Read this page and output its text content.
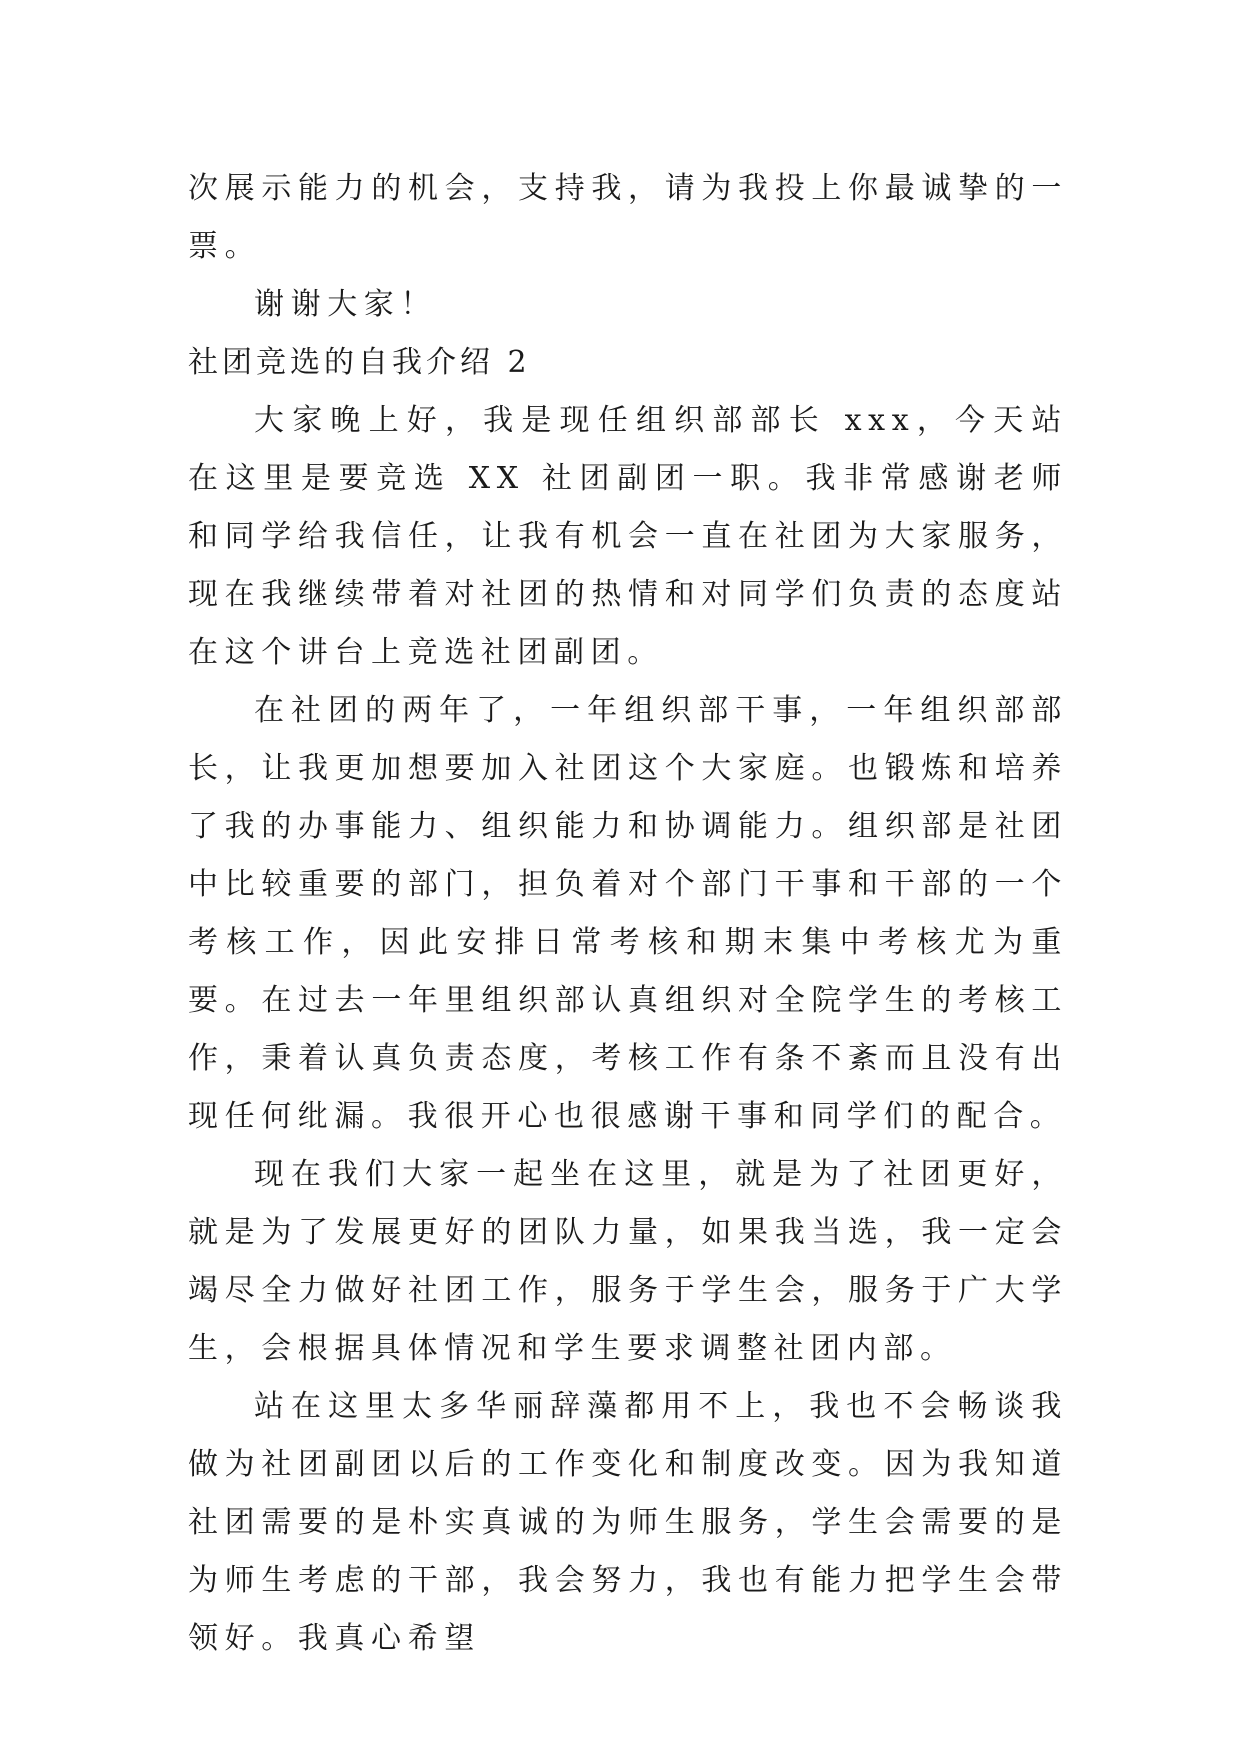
次展示能力的机会，支持我，请为我投上你最诚挚的一票。

谢谢大家！

社团竞选的自我介绍 2

大家晚上好，我是现任组织部部长 xxx，今天站在这里是要竞选 XX 社团副团一职。我非常感谢老师和同学给我信任，让我有机会一直在社团为大家服务，现在我继续带着对社团的热情和对同学们负责的态度站在这个讲台上竞选社团副团。

在社团的两年了，一年组织部干事，一年组织部部长，让我更加想要加入社团这个大家庭。也锻炼和培养了我的办事能力、组织能力和协调能力。组织部是社团中比较重要的部门，担负着对个部门干事和干部的一个考核工作，因此安排日常考核和期末集中考核尤为重要。在过去一年里组织部认真组织对全院学生的考核工作，秉着认真负责态度，考核工作有条不紊而且没有出现任何纰漏。我很开心也很感谢干事和同学们的配合。

现在我们大家一起坐在这里，就是为了社团更好，就是为了发展更好的团队力量，如果我当选，我一定会竭尽全力做好社团工作，服务于学生会，服务于广大学生，会根据具体情况和学生要求调整社团内部。

站在这里太多华丽辞藻都用不上，我也不会畅谈我做为社团副团以后的工作变化和制度改变。因为我知道社团需要的是朴实真诚的为师生服务，学生会需要的是为师生考虑的干部，我会努力，我也有能力把学生会带领好。我真心希望
